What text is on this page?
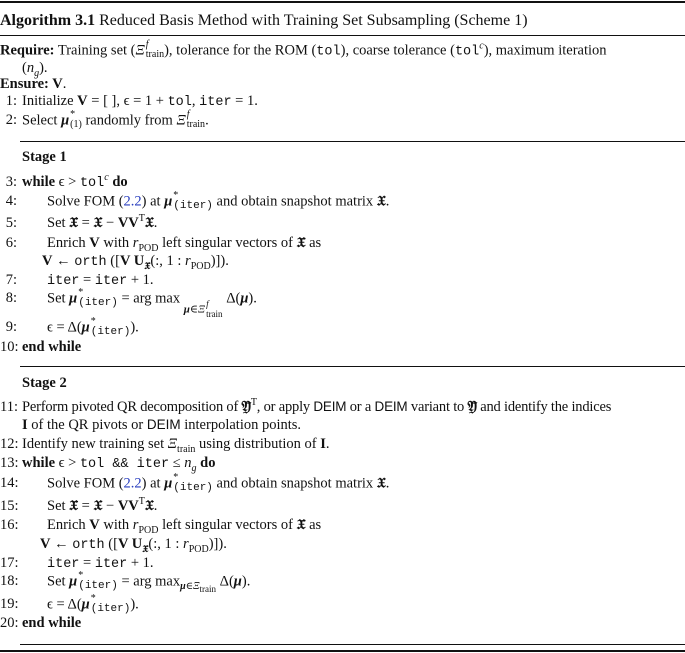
Algorithm 3.1 Reduced Basis Method with Training Set Subsampling (Scheme 1)
Require: Training set (Ξ f
train ), tolerance for the ROM (tol), coarse tolerance (tol$^c$), maximum iteration
$(n_g)$.
Ensure: V.
1: Initialize V = [ ], ϵ = 1 + tol, iter = 1.
2: Select μ *
(1) randomly from Ξ f
train .
Stage 1
3: while ϵ > tol$^c$ do
4: Solve FOM (2.2) at μ *
(iter) and obtain snapshot matrix 𝔛.
5: Set 𝔛̄ = 𝔛 − $VV^T𝔛$.
6: Enrich V with $r_{POD}$ left singular vectors of 𝔛̄ as
V ← orth ([V $U_{𝔛̄}$(:, 1 : $r_{POD}$)]).
7: iter = iter + 1.
8: Set μ *
(iter) = arg max μ∈Ξ f
train
Δ(μ).
9: ϵ = Δ(μ *
(iter) ).
10: end while
Stage 2
11: Perform pivoted QR decomposition of 𝔜̃$^T$, or apply DEIM or a DEIM variant to 𝔜̃ and identify the indices
I of the QR pivots or DEIM interpolation points.
12: Identify new training set $\Xi_{train}$ using distribution of I.
13: while ϵ > tol && iter ≤ $n_g$ do
14: Solve FOM (2.2) at μ *
(iter) and obtain snapshot matrix 𝔛.
15: Set 𝔛̄ = 𝔛 − $VV^T𝔛$.
16: Enrich V with $r_{POD}$ left singular vectors of 𝔛̄ as
V ← orth ([V $U_{𝔛̄}$(:, 1 : $r_{POD}$)]).
17: iter = iter + 1.
18: Set μ *
(iter) = arg $\max_{\mu\in\Xi train} \Delta(\mu)$.
19: ϵ = Δ(μ *
(iter) ).
20: end while
